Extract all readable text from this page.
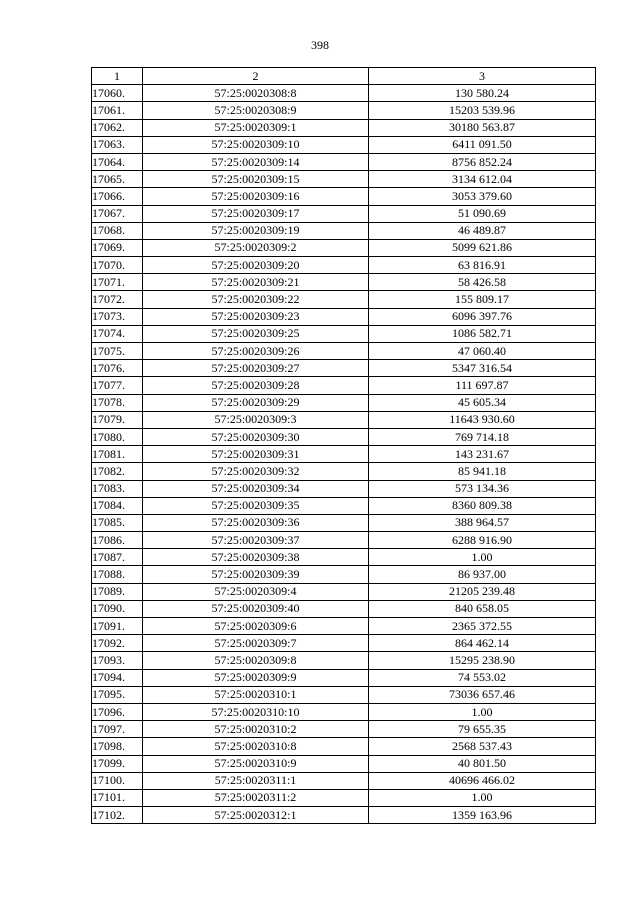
398
1	2	3
17060.	57:25:0020308:8	130 580.24
17061.	57:25:0020308:9	15203 539.96
17062.	57:25:0020309:1	30180 563.87
17063.	57:25:0020309:10	6411 091.50
17064.	57:25:0020309:14	8756 852.24
17065.	57:25:0020309:15	3134 612.04
17066.	57:25:0020309:16	3053 379.60
17067.	57:25:0020309:17	51 090.69
17068.	57:25:0020309:19	46 489.87
17069.	57:25:0020309:2	5099 621.86
17070.	57:25:0020309:20	63 816.91
17071.	57:25:0020309:21	58 426.58
17072.	57:25:0020309:22	155 809.17
17073.	57:25:0020309:23	6096 397.76
17074.	57:25:0020309:25	1086 582.71
17075.	57:25:0020309:26	47 060.40
17076.	57:25:0020309:27	5347 316.54
17077.	57:25:0020309:28	111 697.87
17078.	57:25:0020309:29	45 605.34
17079.	57:25:0020309:3	11643 930.60
17080.	57:25:0020309:30	769 714.18
17081.	57:25:0020309:31	143 231.67
17082.	57:25:0020309:32	85 941.18
17083.	57:25:0020309:34	573 134.36
17084.	57:25:0020309:35	8360 809.38
17085.	57:25:0020309:36	388 964.57
17086.	57:25:0020309:37	6288 916.90
17087.	57:25:0020309:38	1.00
17088.	57:25:0020309:39	86 937.00
17089.	57:25:0020309:4	21205 239.48
17090.	57:25:0020309:40	840 658.05
17091.	57:25:0020309:6	2365 372.55
17092.	57:25:0020309:7	864 462.14
17093.	57:25:0020309:8	15295 238.90
17094.	57:25:0020309:9	74 553.02
17095.	57:25:0020310:1	73036 657.46
17096.	57:25:0020310:10	1.00
17097.	57:25:0020310:2	79 655.35
17098.	57:25:0020310:8	2568 537.43
17099.	57:25:0020310:9	40 801.50
17100.	57:25:0020311:1	40696 466.02
17101.	57:25:0020311:2	1.00
17102.	57:25:0020312:1	1359 163.96
